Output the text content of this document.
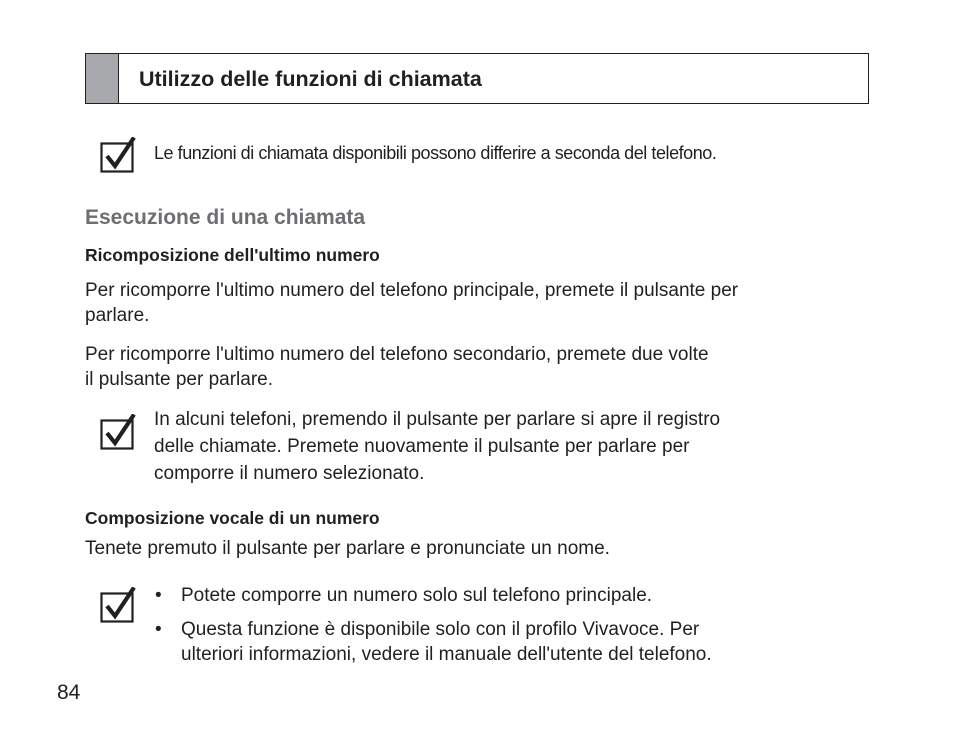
Utilizzo delle funzioni di chiamata
Le funzioni di chiamata disponibili possono differire a seconda del telefono.
Esecuzione di una chiamata
Ricomposizione dell'ultimo numero
Per ricomporre l'ultimo numero del telefono principale, premete il pulsante per
parlare.
Per ricomporre l'ultimo numero del telefono secondario, premete due volte
il pulsante per parlare.
In alcuni telefoni, premendo il pulsante per parlare si apre il registro
delle chiamate. Premete nuovamente il pulsante per parlare per
comporre il numero selezionato.
Composizione vocale di un numero
Tenete premuto il pulsante per parlare e pronunciate un nome.
• Potete comporre un numero solo sul telefono principale.
• Questa funzione è disponibile solo con il profilo Vivavoce. Per
ulteriori informazioni, vedere il manuale dell'utente del telefono.
84
